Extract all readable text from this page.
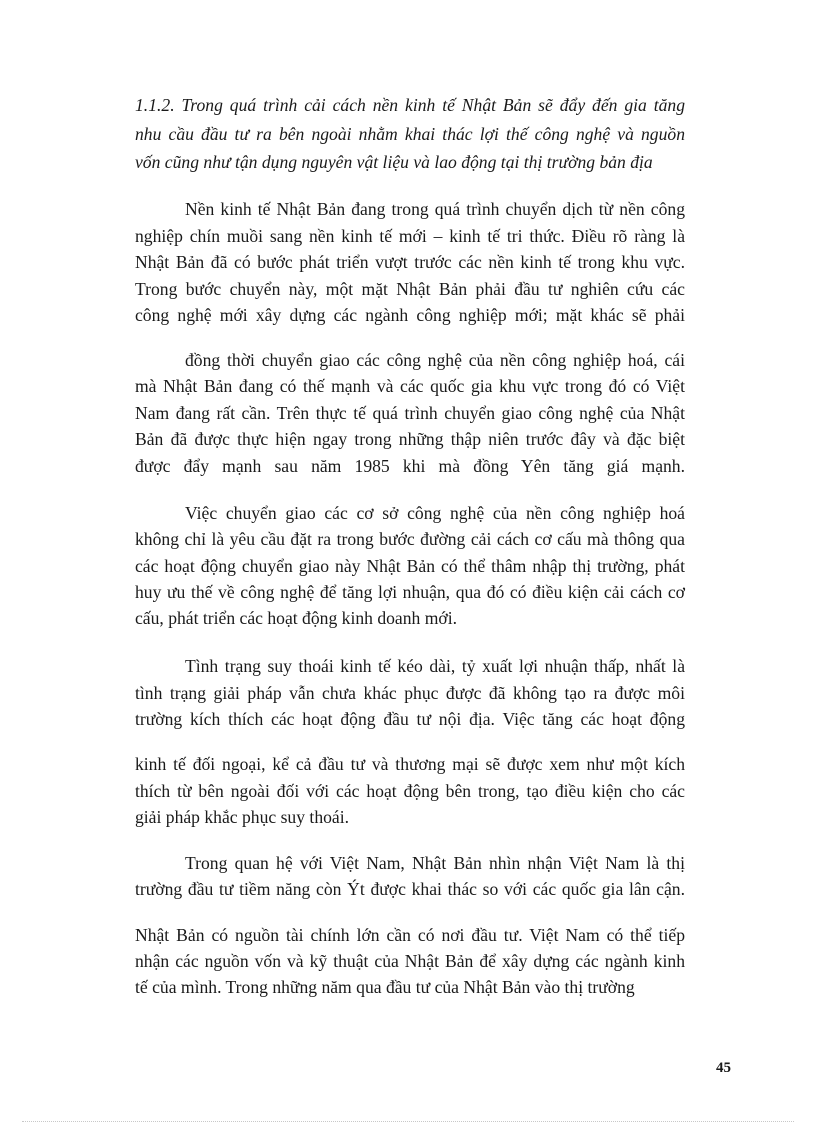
1.1.2. Trong quá trình cải cách nền kinh tế Nhật Bản sẽ đẩy đến gia tăng
nhu cầu đầu tư ra bên ngoài nhằm khai thác lợi thế công nghệ và nguồn
vốn cũng như tận dụng nguyên vật liệu và lao động tại thị trường bản địa
Nền kinh tế Nhật Bản đang trong quá trình chuyển dịch từ nền công
nghiệp chín muồi sang nền kinh tế mới – kinh tế tri thức. Điều rõ ràng là
Nhật Bản đã có bước phát triển vượt trước các nền kinh tế trong khu vực.
Trong bước chuyển này, một mặt Nhật Bản phải đầu tư nghiên cứu các
công nghệ mới xây dựng các ngành công nghiệp mới; mặt khác sẽ phải
đồng thời chuyển giao các công nghệ của nền công nghiệp hoá, cái
mà Nhật Bản đang có thế mạnh và các quốc gia khu vực trong đó có Việt
Nam đang rất cần. Trên thực tế quá trình chuyển giao công nghệ của Nhật
Bản đã được thực hiện ngay trong những thập niên trước đây và đặc biệt
được đẩy mạnh sau năm 1985 khi mà đồng Yên tăng giá mạnh.
Việc chuyển giao các cơ sở công nghệ của nền công nghiệp hoá
không chỉ là yêu cầu đặt ra trong bước đường cải cách cơ cấu mà thông qua
các hoạt động chuyển giao này Nhật Bản có thể thâm nhập thị trường, phát
huy ưu thế về công nghệ để tăng lợi nhuận, qua đó có điều kiện cải cách cơ
cấu, phát triển các hoạt động kinh doanh mới.
Tình trạng suy thoái kinh tế kéo dài, tỷ xuất lợi nhuận thấp, nhất là
tình trạng giải pháp vẫn chưa khác phục được đã không tạo ra được môi
trường kích thích các hoạt động đầu tư nội địa. Việc tăng các hoạt động
kinh tế đối ngoại, kể cả đầu tư và thương mại sẽ được xem như một kích
thích từ bên ngoài đối với các hoạt động bên trong, tạo điều kiện cho các
giải pháp khắc phục suy thoái.
Trong quan hệ với Việt Nam, Nhật Bản nhìn nhận Việt Nam là thị
trường đầu tư tiềm năng còn Ýt được khai thác so với các quốc gia lân cận.
Nhật Bản có nguồn tài chính lớn cần có nơi đầu tư. Việt Nam có thể tiếp
nhận các nguồn vốn và kỹ thuật của Nhật Bản để xây dựng các ngành kinh
tế của mình. Trong những năm qua đầu tư của Nhật Bản vào thị trường
45
